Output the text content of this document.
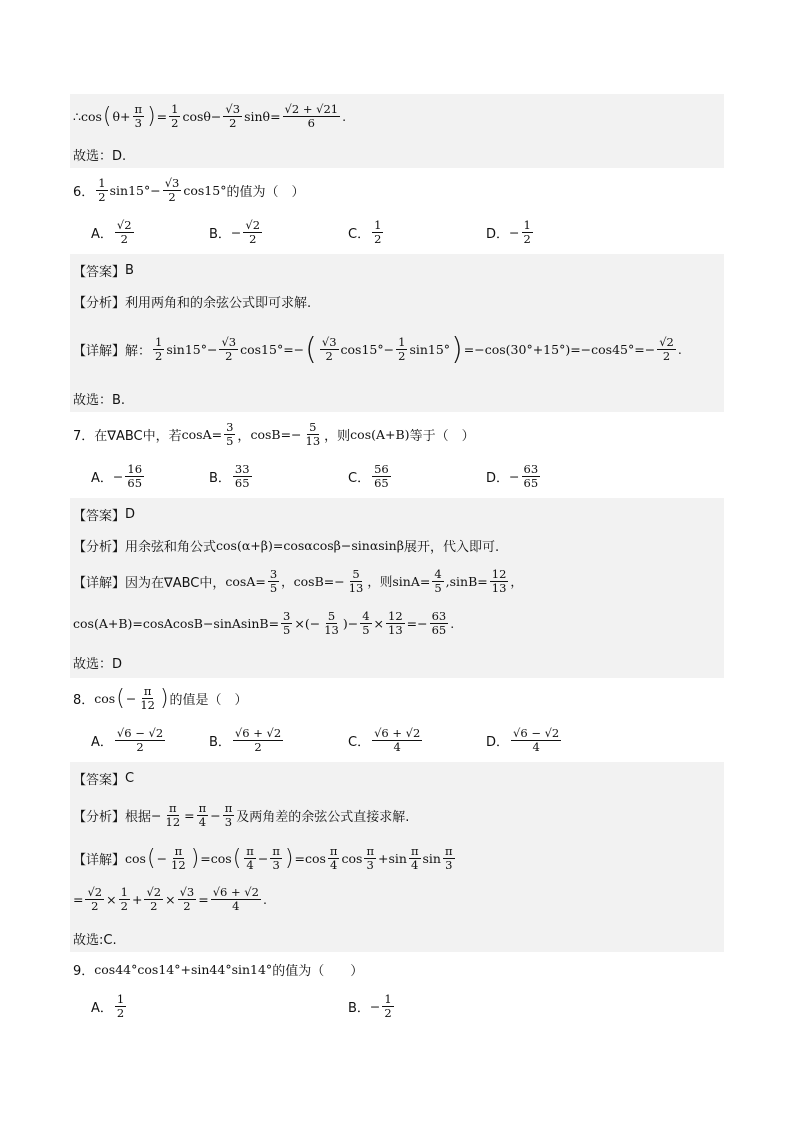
∴cos ( $\theta+ \frac{\pi}{3}$ ) = $\frac{1}{2} \cos\theta- \frac{√3}{2} \sin\theta= \frac{√2 + √21}{6}$ .
故选：D.
6． $\frac{1}{2} \sin 15^\circ- \frac{√3}{2} \cos 15^\circ$ 的值为（　）
A． $\frac{√2}{2}$	B． − $\frac{√2}{2}$	C． $\frac{1}{2}$	D． − $\frac{1}{2}$
【答案】 B
【分析】 利用两角和的余弦公式即可求解.
【详解】 解： $\frac{1}{2} \sin 15^\circ- \frac{√3}{2} \cos 15^\circ=-$ ( $\frac{√3}{2} \cos 15^\circ- \frac{1}{2} \sin 15^\circ$ ) $=-\cos(30^\circ+15^\circ)=-\cos 45^\circ=- \frac{√2}{2}$ .
故选：B.
7． 在∇ABC中，若 $\cos A= \frac{3}{5}$ ， $\cos B=- \frac{5}{13}$ ，则 cos(A+B) 等于（　）
A． − $\frac{16}{65}$	B． $\frac{33}{65}$	C． $\frac{56}{65}$	D． − $\frac{63}{65}$
【答案】 D
【分析】 用余弦和角公式 cos(α+β)=cosαcosβ−sinαsinβ 展开，代入即可.
【详解】 因为在∇ABC中， $\cos A= \frac{3}{5}$ ，$\cos B=- \frac{5}{13}$ ，则$\sin A= \frac{4}{5} ,\sin B= \frac{12}{13}$ ，
cos(A+B)=cosAcosB−sinAsinB= $\frac{3}{5}$ ×(− $\frac{5}{13}$ )− $\frac{4}{5} \times \frac{12}{13} =- \frac{63}{65}$ .
故选：D
8． cos ( − $\frac{\pi}{12}$ ) 的值是（　）
A． $\frac{√6 - √2}{2}$	B． $\frac{√6 + √2}{2}$	C． $\frac{√6 + √2}{4}$	D． $\frac{√6 - √2}{4}$
【答案】 C
【分析】 根据 − $\frac{\pi}{12} = \frac{\pi}{4} - \frac{\pi}{3}$ 及两角差的余弦公式直接求解.
【详解】 cos ( − $\frac{\pi}{12}$ ) =cos ( $\frac{\pi}{4} - \frac{\pi}{3}$ ) $=\cos \frac{\pi}{4}$ $\cos \frac{\pi}{3} +\sin \frac{\pi}{4}$ $\sin \frac{\pi}{3}$
= $\frac{√2}{2} \times \frac{1}{2} + \frac{√2}{2} \times \frac{√3}{2} = \frac{√6 + √2}{4}$ .
故选:C.
9． cos44°cos14°+sin44°sin14° 的值为（　　）
A． $\frac{1}{2}$	B． − $\frac{1}{2}$
